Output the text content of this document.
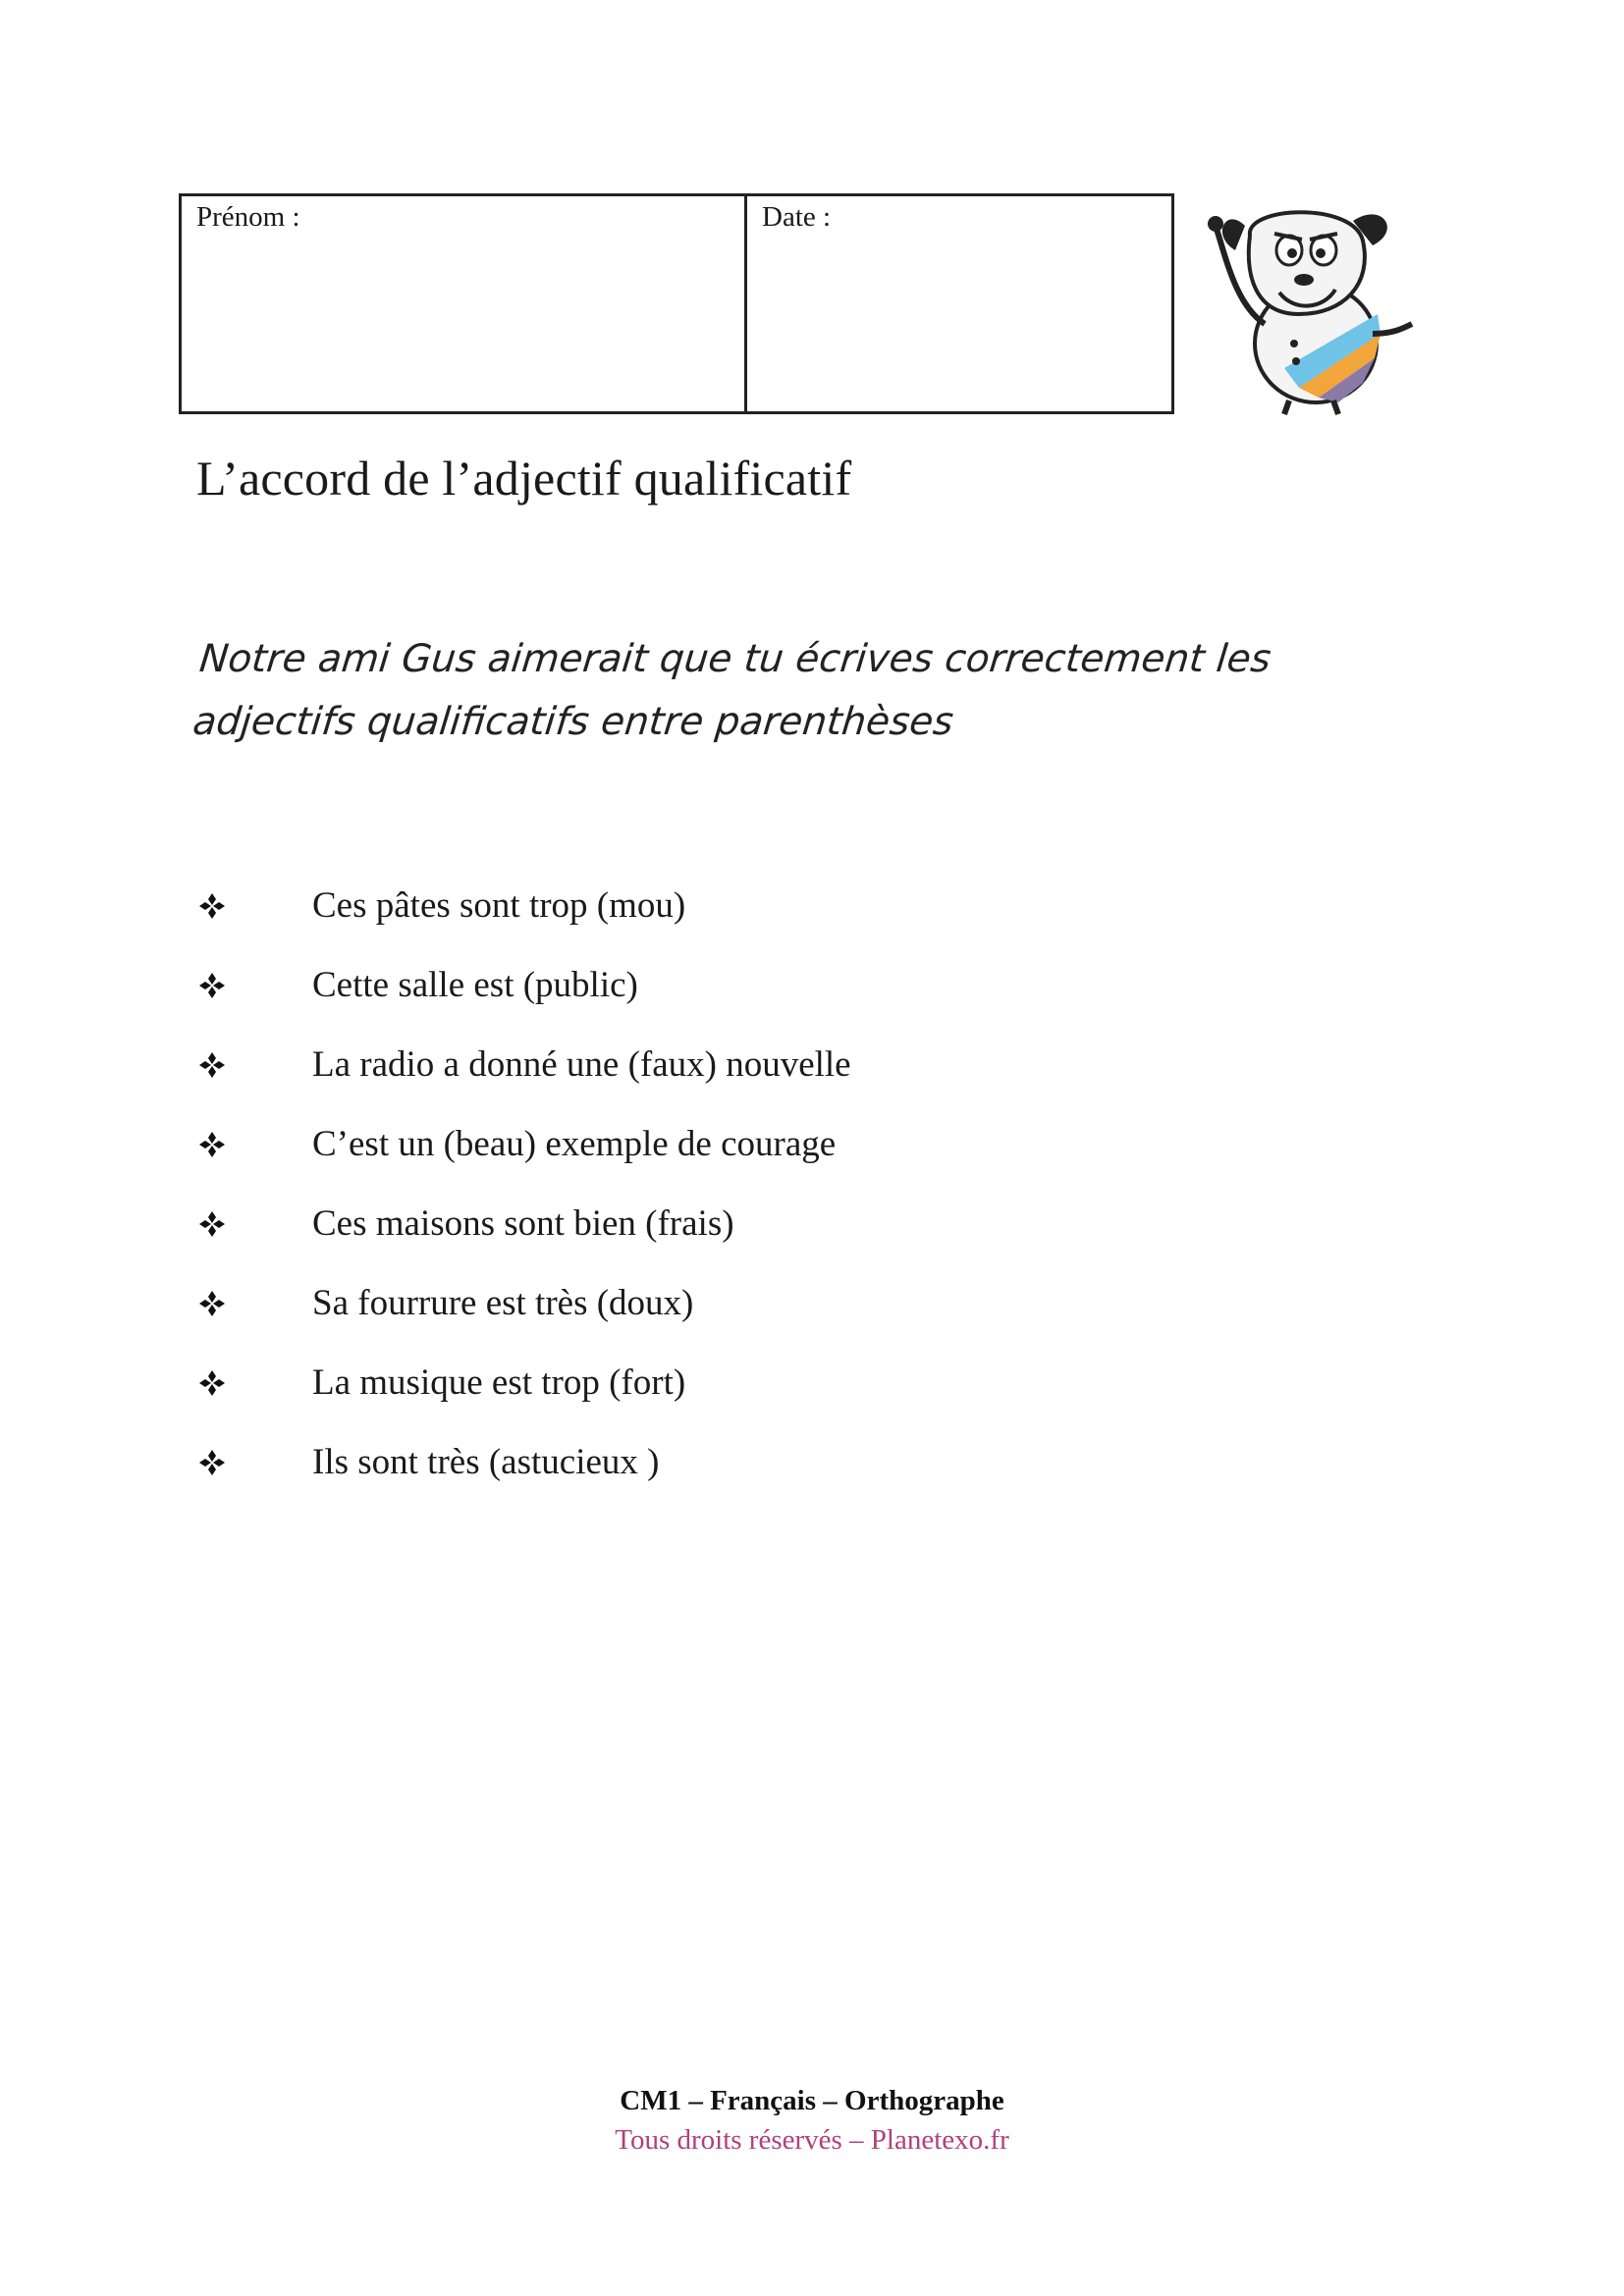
Prénom :	Date :
L’accord de l’adjectif qualificatif
Notre ami Gus aimerait que tu écrives correctement les adjectifs qualificatifs entre parenthèses
Ces pâtes sont trop (mou)
Cette salle est (public)
La radio a donné une (faux) nouvelle
C’est un (beau) exemple de courage
Ces maisons sont bien (frais)
Sa fourrure est très (doux)
La musique est trop (fort)
Ils sont très (astucieux )
CM1 – Français – Orthographe
Tous droits réservés – Planetexo.fr
